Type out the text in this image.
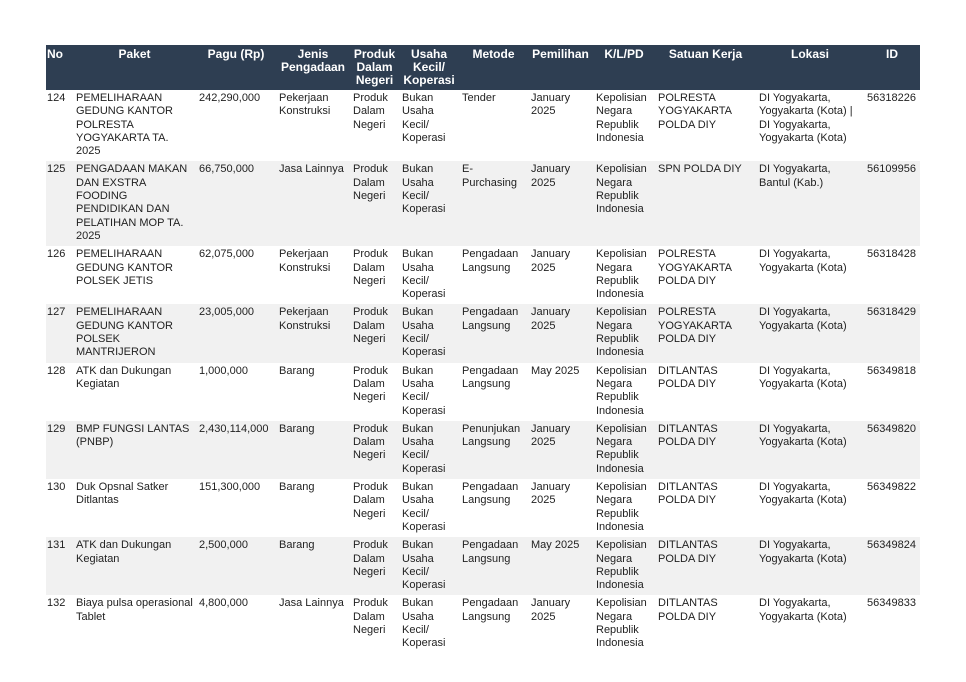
No	Paket	Pagu (Rp)	Jenis Pengadaan	Produk Dalam Negeri	Usaha Kecil/ Koperasi	Metode	Pemilihan	K/L/PD	Satuan Kerja	Lokasi	ID
124	PEMELIHARAAN GEDUNG KANTOR POLRESTA YOGYAKARTA TA. 2025	242,290,000	Pekerjaan Konstruksi	Produk Dalam Negeri	Bukan Usaha Kecil/ Koperasi	Tender	January 2025	Kepolisian Negara Republik Indonesia	POLRESTA YOGYAKARTA POLDA DIY	DI Yogyakarta, Yogyakarta (Kota) | DI Yogyakarta, Yogyakarta (Kota)	56318226
125	PENGADAAN MAKAN DAN EXSTRA FOODING PENDIDIKAN DAN PELATIHAN MOP TA. 2025	66,750,000	Jasa Lainnya	Produk Dalam Negeri	Bukan Usaha Kecil/ Koperasi	E-Purchasing	January 2025	Kepolisian Negara Republik Indonesia	SPN POLDA DIY	DI Yogyakarta, Bantul (Kab.)	56109956
126	PEMELIHARAAN GEDUNG KANTOR POLSEK JETIS	62,075,000	Pekerjaan Konstruksi	Produk Dalam Negeri	Bukan Usaha Kecil/ Koperasi	Pengadaan Langsung	January 2025	Kepolisian Negara Republik Indonesia	POLRESTA YOGYAKARTA POLDA DIY	DI Yogyakarta, Yogyakarta (Kota)	56318428
127	PEMELIHARAAN GEDUNG KANTOR POLSEK MANTRIJERON	23,005,000	Pekerjaan Konstruksi	Produk Dalam Negeri	Bukan Usaha Kecil/ Koperasi	Pengadaan Langsung	January 2025	Kepolisian Negara Republik Indonesia	POLRESTA YOGYAKARTA POLDA DIY	DI Yogyakarta, Yogyakarta (Kota)	56318429
128	ATK dan Dukungan Kegiatan	1,000,000	Barang	Produk Dalam Negeri	Bukan Usaha Kecil/ Koperasi	Pengadaan Langsung	May 2025	Kepolisian Negara Republik Indonesia	DITLANTAS POLDA DIY	DI Yogyakarta, Yogyakarta (Kota)	56349818
129	BMP FUNGSI LANTAS (PNBP)	2,430,114,000	Barang	Produk Dalam Negeri	Bukan Usaha Kecil/ Koperasi	Penunjukan Langsung	January 2025	Kepolisian Negara Republik Indonesia	DITLANTAS POLDA DIY	DI Yogyakarta, Yogyakarta (Kota)	56349820
130	Duk Opsnal Satker Ditlantas	151,300,000	Barang	Produk Dalam Negeri	Bukan Usaha Kecil/ Koperasi	Pengadaan Langsung	January 2025	Kepolisian Negara Republik Indonesia	DITLANTAS POLDA DIY	DI Yogyakarta, Yogyakarta (Kota)	56349822
131	ATK dan Dukungan Kegiatan	2,500,000	Barang	Produk Dalam Negeri	Bukan Usaha Kecil/ Koperasi	Pengadaan Langsung	May 2025	Kepolisian Negara Republik Indonesia	DITLANTAS POLDA DIY	DI Yogyakarta, Yogyakarta (Kota)	56349824
132	Biaya pulsa operasional Tablet	4,800,000	Jasa Lainnya	Produk Dalam Negeri	Bukan Usaha Kecil/ Koperasi	Pengadaan Langsung	January 2025	Kepolisian Negara Republik Indonesia	DITLANTAS POLDA DIY	DI Yogyakarta, Yogyakarta (Kota)	56349833
